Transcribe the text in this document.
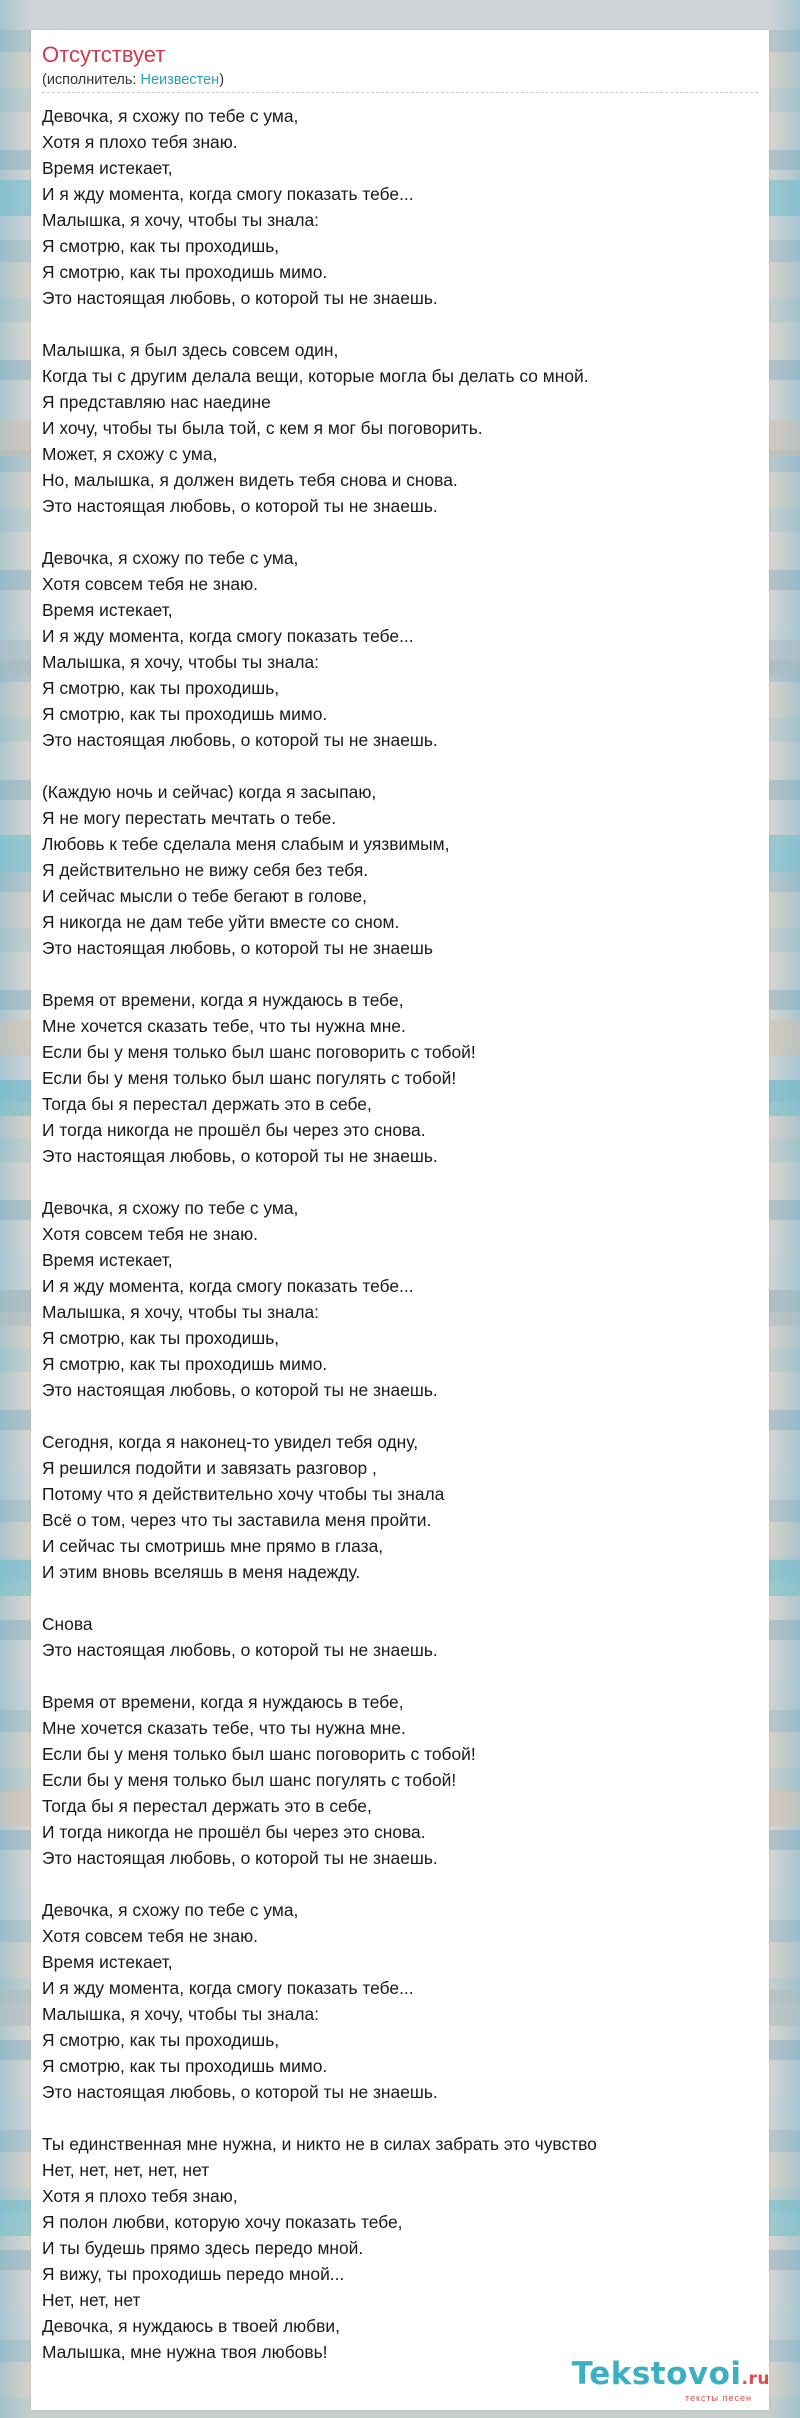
Отсутствует
(исполнитель: Неизвестен)
Девочка, я схожу по тебе с ума,
Хотя я плохо тебя знаю.
Время истекает,
И я жду момента, когда смогу показать тебе...
Малышка, я хочу, чтобы ты знала:
Я смотрю, как ты проходишь,
Я смотрю, как ты проходишь мимо.
Это настоящая любовь, о которой ты не знаешь.
Малышка, я был здесь совсем один,
Когда ты с другим делала вещи, которые могла бы делать со мной.
Я представляю нас наедине
И хочу, чтобы ты была той, с кем я мог бы поговорить.
Может, я схожу с ума,
Но, малышка, я должен видеть тебя снова и снова.
Это настоящая любовь, о которой ты не знаешь.
Девочка, я схожу по тебе с ума,
Хотя совсем тебя не знаю.
Время истекает,
И я жду момента, когда смогу показать тебе...
Малышка, я хочу, чтобы ты знала:
Я смотрю, как ты проходишь,
Я смотрю, как ты проходишь мимо.
Это настоящая любовь, о которой ты не знаешь.
(Каждую ночь и сейчас) когда я засыпаю,
Я не могу перестать мечтать о тебе.
Любовь к тебе сделала меня слабым и уязвимым,
Я действительно не вижу себя без тебя.
И сейчас мысли о тебе бегают в голове,
Я никогда не дам тебе уйти вместе со сном.
Это настоящая любовь, о которой ты не знаешь
Время от времени, когда я нуждаюсь в тебе,
Мне хочется сказать тебе, что ты нужна мне.
Если бы у меня только был шанс поговорить с тобой!
Если бы у меня только был шанс погулять с тобой!
Тогда бы я перестал держать это в себе,
И тогда никогда не прошёл бы через это снова.
Это настоящая любовь, о которой ты не знаешь.
Девочка, я схожу по тебе с ума,
Хотя совсем тебя не знаю.
Время истекает,
И я жду момента, когда смогу показать тебе...
Малышка, я хочу, чтобы ты знала:
Я смотрю, как ты проходишь,
Я смотрю, как ты проходишь мимо.
Это настоящая любовь, о которой ты не знаешь.
Сегодня, когда я наконец-то увидел тебя одну,
Я решился подойти и завязать разговор ,
Потому что я действительно хочу чтобы ты знала
Всё о том, через что ты заставила меня пройти.
И сейчас ты смотришь мне прямо в глаза,
И этим вновь вселяшь в меня надежду.
Снова
Это настоящая любовь, о которой ты не знаешь.
Время от времени, когда я нуждаюсь в тебе,
Мне хочется сказать тебе, что ты нужна мне.
Если бы у меня только был шанс поговорить с тобой!
Если бы у меня только был шанс погулять с тобой!
Тогда бы я перестал держать это в себе,
И тогда никогда не прошёл бы через это снова.
Это настоящая любовь, о которой ты не знаешь.
Девочка, я схожу по тебе с ума,
Хотя совсем тебя не знаю.
Время истекает,
И я жду момента, когда смогу показать тебе...
Малышка, я хочу, чтобы ты знала:
Я смотрю, как ты проходишь,
Я смотрю, как ты проходишь мимо.
Это настоящая любовь, о которой ты не знаешь.
Ты единственная мне нужна, и никто не в силах забрать это чувство
Нет, нет, нет, нет, нет
Хотя я плохо тебя знаю,
Я полон любви, которую хочу показать тебе,
И ты будешь прямо здесь передо мной.
Я вижу, ты проходишь передо мной...
Нет, нет, нет
Девочка, я нуждаюсь в твоей любви,
Малышка, мне нужна твоя любовь!
Tekstovoi.ru
тексты песен
